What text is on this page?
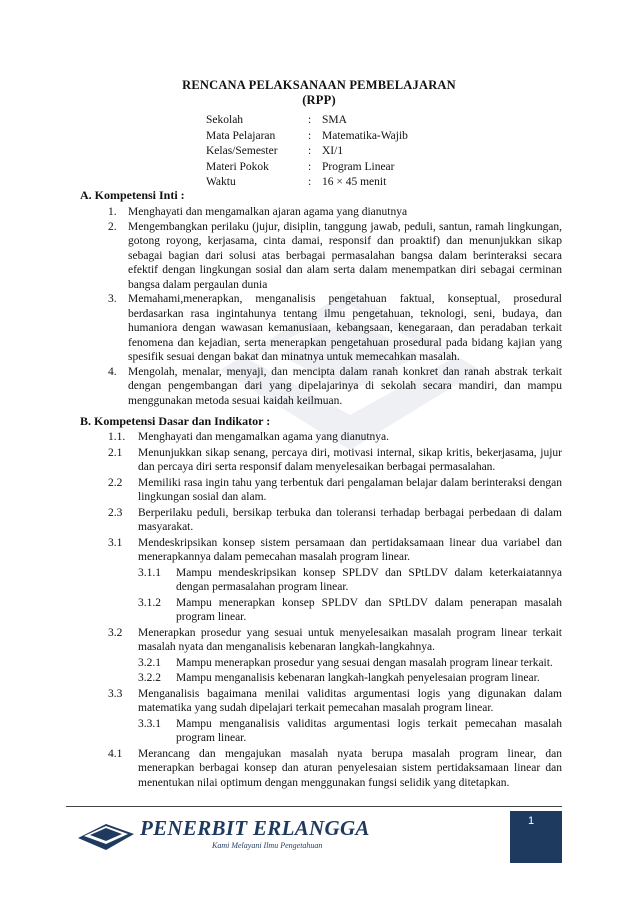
RENCANA PELAKSANAAN PEMBELAJARAN
(RPP)
Sekolah	: SMA
Mata Pelajaran	: Matematika-Wajib
Kelas/Semester	: XI/1
Materi Pokok	: Program Linear
Waktu	: 16 × 45 menit
A. Kompetensi Inti :
1. Menghayati dan mengamalkan ajaran agama yang dianutnya
2. Mengembangkan perilaku (jujur, disiplin, tanggung jawab, peduli, santun, ramah lingkungan, gotong royong, kerjasama, cinta damai, responsif dan proaktif) dan menunjukkan sikap sebagai bagian dari solusi atas berbagai permasalahan bangsa dalam berinteraksi secara efektif dengan lingkungan sosial dan alam serta dalam menempatkan diri sebagai cerminan bangsa dalam pergaulan dunia
3. Memahami,menerapkan, menganalisis pengetahuan faktual, konseptual, prosedural berdasarkan rasa ingintahunya tentang ilmu pengetahuan, teknologi, seni, budaya, dan humaniora dengan wawasan kemanusiaan, kebangsaan, kenegaraan, dan peradaban terkait fenomena dan kejadian, serta menerapkan pengetahuan prosedural pada bidang kajian yang spesifik sesuai dengan bakat dan minatnya untuk memecahkan masalah.
4. Mengolah, menalar, menyaji, dan mencipta dalam ranah konkret dan ranah abstrak terkait dengan pengembangan dari yang dipelajarinya di sekolah secara mandiri, dan mampu menggunakan metoda sesuai kaidah keilmuan.
B. Kompetensi Dasar dan Indikator :
1.1.	Menghayati dan mengamalkan agama yang dianutnya.
2.1	Menunjukkan sikap senang, percaya diri, motivasi internal, sikap kritis, bekerjasama, jujur dan percaya diri serta responsif dalam menyelesaikan berbagai permasalahan.
2.2	Memiliki rasa ingin tahu yang terbentuk dari pengalaman belajar dalam berinteraksi dengan lingkungan sosial dan alam.
2.3	Berperilaku peduli, bersikap terbuka dan toleransi terhadap berbagai perbedaan di dalam masyarakat.
3.1	Mendeskripsikan konsep sistem persamaan dan pertidaksamaan linear dua variabel dan menerapkannya dalam pemecahan masalah program linear.
3.1.1	Mampu mendeskripsikan konsep SPLDV dan SPtLDV dalam keterkaiatannya dengan permasalahan program linear.
3.1.2	Mampu menerapkan konsep SPLDV dan SPtLDV dalam penerapan masalah program linear.
3.2	Menerapkan prosedur yang sesuai untuk menyelesaikan masalah program linear terkait masalah nyata dan menganalisis kebenaran langkah-langkahnya.
3.2.1	Mampu menerapkan prosedur yang sesuai dengan masalah program linear terkait.
3.2.2	Mampu menganalisis kebenaran langkah-langkah penyelesaian program linear.
3.3	Menganalisis bagaimana menilai validitas argumentasi logis yang digunakan dalam matematika yang sudah dipelajari terkait pemecahan masalah program linear.
3.3.1	Mampu menganalisis validitas argumentasi logis terkait pemecahan masalah program linear.
4.1	Merancang dan mengajukan masalah nyata berupa masalah program linear, dan menerapkan berbagai konsep dan aturan penyelesaian sistem pertidaksamaan linear dan menentukan nilai optimum dengan menggunakan fungsi selidik yang ditetapkan.
PENERBIT ERLANGGA
Kami Melayani Ilmu Pengetahuan
1
